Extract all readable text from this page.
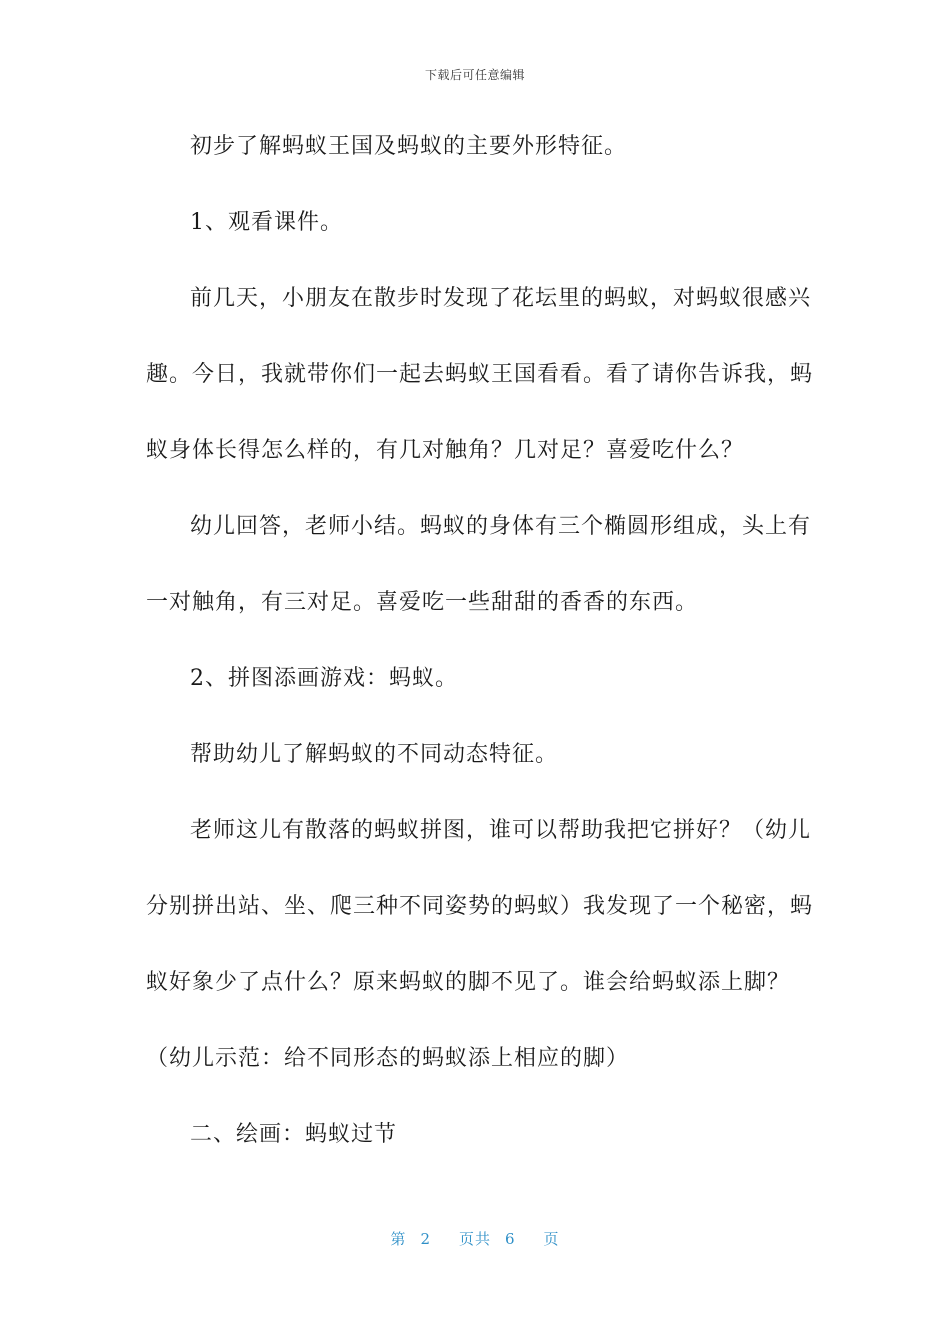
下载后可任意编辑
初步了解蚂蚁王国及蚂蚁的主要外形特征。
1、观看课件。
前几天，小朋友在散步时发现了花坛里的蚂蚁，对蚂蚁很感兴
趣。今日，我就带你们一起去蚂蚁王国看看。看了请你告诉我，蚂
蚁身体长得怎么样的，有几对触角？几对足？喜爱吃什么？
幼儿回答，老师小结。蚂蚁的身体有三个椭圆形组成，头上有
一对触角，有三对足。喜爱吃一些甜甜的香香的东西。
2、拼图添画游戏：蚂蚁。
帮助幼儿了解蚂蚁的不同动态特征。
老师这儿有散落的蚂蚁拼图，谁可以帮助我把它拼好？（幼儿
分别拼出站、坐、爬三种不同姿势的蚂蚁）我发现了一个秘密，蚂
蚁好象少了点什么？原来蚂蚁的脚不见了。谁会给蚂蚁添上脚？
（幼儿示范：给不同形态的蚂蚁添上相应的脚）
二、绘画：蚂蚁过节
第 2 页共 6 页
